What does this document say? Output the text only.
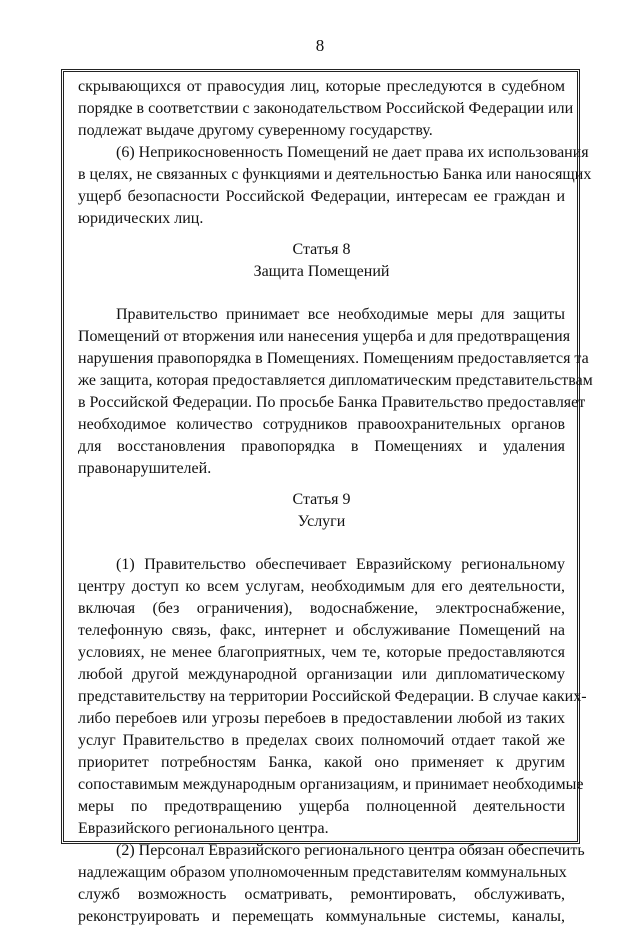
8
скрывающихся от правосудия лиц, которые преследуются в судебном
порядке в соответствии с законодательством Российской Федерации или
подлежат выдаче другому суверенному государству.
(6) Неприкосновенность Помещений не дает права их использования
в целях, не связанных с функциями и деятельностью Банка или наносящих
ущерб безопасности Российской Федерации, интересам ее граждан и
юридических лиц.
Статья 8
Защита Помещений
Правительство принимает все необходимые меры для защиты
Помещений от вторжения или нанесения ущерба и для предотвращения
нарушения правопорядка в Помещениях. Помещениям предоставляется та
же защита, которая предоставляется дипломатическим представительствам
в Российской Федерации. По просьбе Банка Правительство предоставляет
необходимое количество сотрудников правоохранительных органов
для восстановления правопорядка в Помещениях и удаления
правонарушителей.
Статья 9
Услуги
(1) Правительство обеспечивает Евразийскому региональному
центру доступ ко всем услугам, необходимым для его деятельности,
включая (без ограничения), водоснабжение, электроснабжение,
телефонную связь, факс, интернет и обслуживание Помещений на
условиях, не менее благоприятных, чем те, которые предоставляются
любой другой международной организации или дипломатическому
представительству на территории Российской Федерации. В случае каких-
либо перебоев или угрозы перебоев в предоставлении любой из таких
услуг Правительство в пределах своих полномочий отдает такой же
приоритет потребностям Банка, какой оно применяет к другим
сопоставимым международным организациям, и принимает необходимые
меры по предотвращению ущерба полноценной деятельности
Евразийского регионального центра.
(2) Персонал Евразийского регионального центра обязан обеспечить
надлежащим образом уполномоченным представителям коммунальных
служб возможность осматривать, ремонтировать, обслуживать,
реконструировать и перемещать коммунальные системы, каналы,
